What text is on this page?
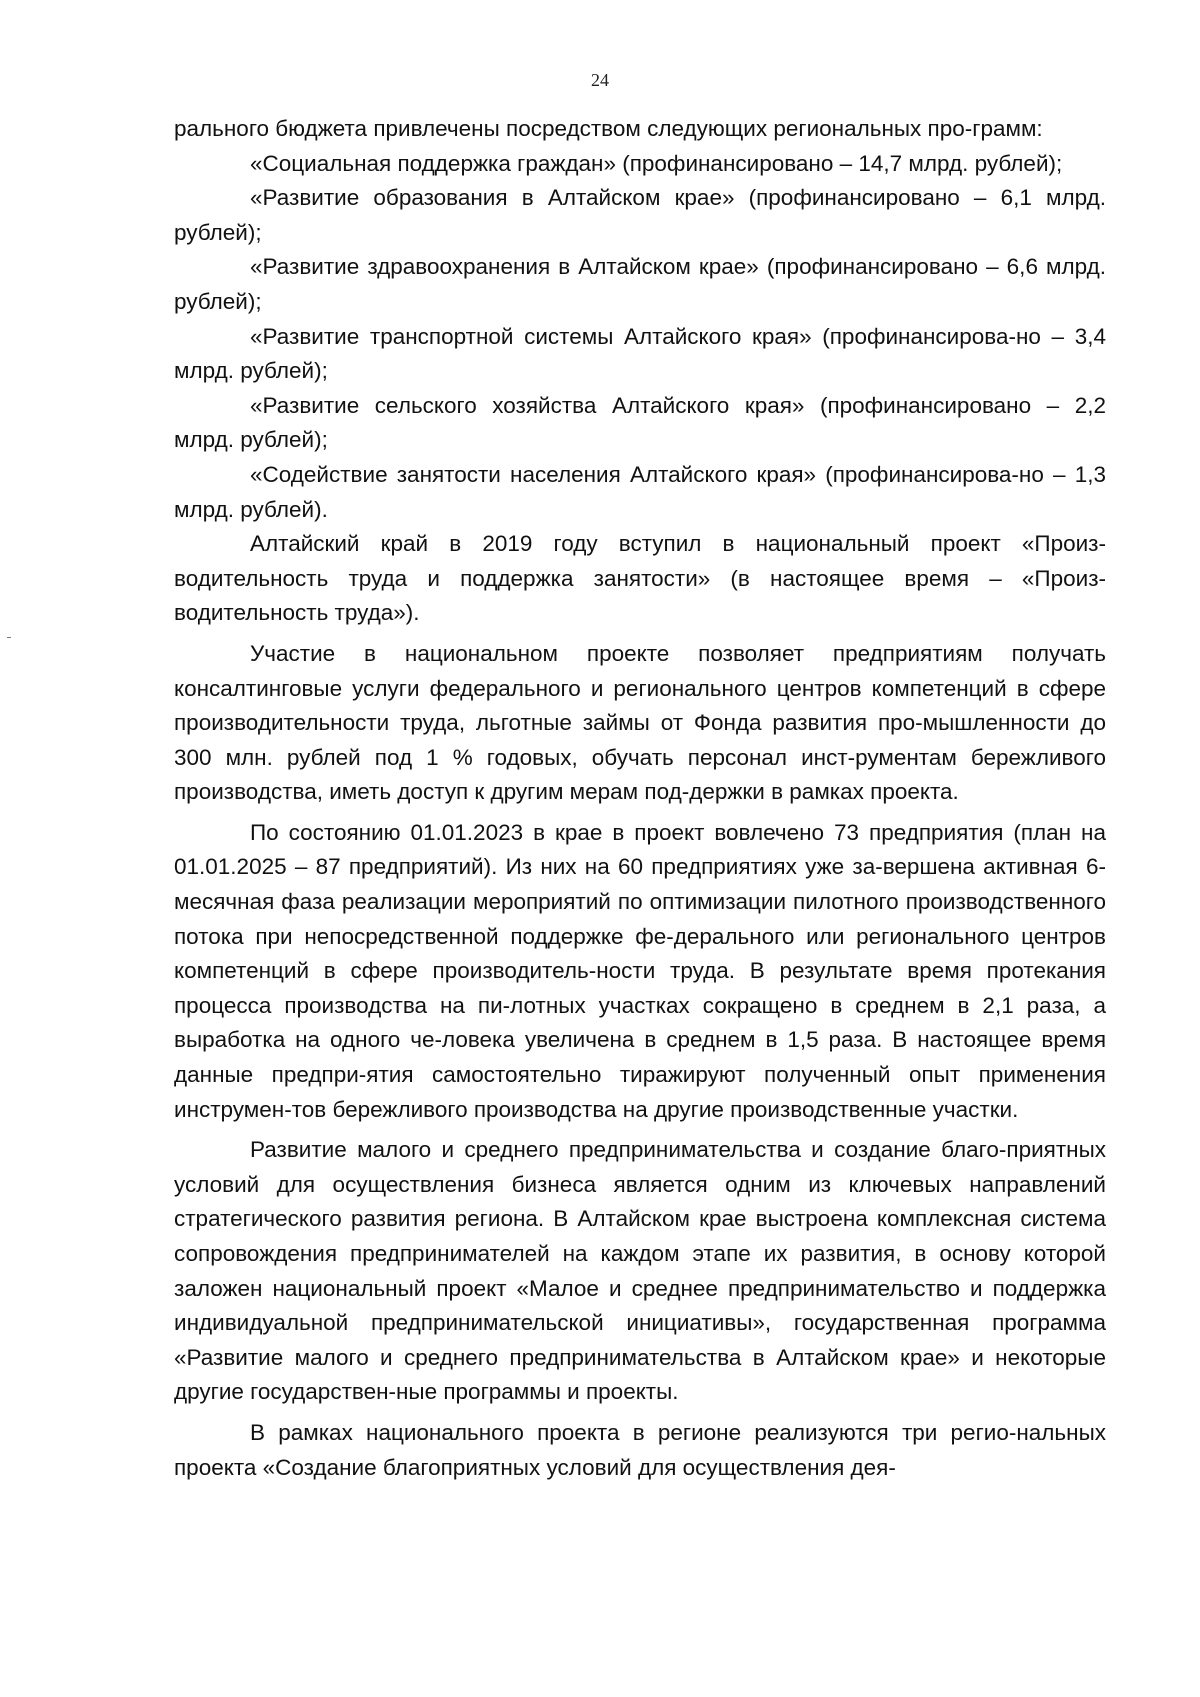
24

рального бюджета привлечены посредством следующих региональных про-грамм:

«Социальная поддержка граждан» (профинансировано – 14,7 млрд. рублей);

«Развитие образования в Алтайском крае» (профинансировано – 6,1 млрд. рублей);

«Развитие здравоохранения в Алтайском крае» (профинансировано – 6,6 млрд. рублей);

«Развитие транспортной системы Алтайского края» (профинансирова-но – 3,4 млрд. рублей);

«Развитие сельского хозяйства Алтайского края» (профинансировано – 2,2 млрд. рублей);

«Содействие занятости населения Алтайского края» (профинансирова-но – 1,3 млрд. рублей).

Алтайский край в 2019 году вступил в национальный проект «Произ-водительность труда и поддержка занятости» (в настоящее время – «Произ-водительность труда»).

Участие в национальном проекте позволяет предприятиям получать консалтинговые услуги федерального и регионального центров компетенций в сфере производительности труда, льготные займы от Фонда развития про-мышленности до 300 млн. рублей под 1 % годовых, обучать персонал инст-рументам бережливого производства, иметь доступ к другим мерам под-держки в рамках проекта.

По состоянию 01.01.2023 в крае в проект вовлечено 73 предприятия (план на 01.01.2025 – 87 предприятий). Из них на 60 предприятиях уже за-вершена активная 6-месячная фаза реализации мероприятий по оптимизации пилотного производственного потока при непосредственной поддержке фе-дерального или регионального центров компетенций в сфере производитель-ности труда. В результате время протекания процесса производства на пи-лотных участках сокращено в среднем в 2,1 раза, а выработка на одного че-ловека увеличена в среднем в 1,5 раза. В настоящее время данные предпри-ятия самостоятельно тиражируют полученный опыт применения инструмен-тов бережливого производства на другие производственные участки.

Развитие малого и среднего предпринимательства и создание благо-приятных условий для осуществления бизнеса является одним из ключевых направлений стратегического развития региона. В Алтайском крае выстроена комплексная система сопровождения предпринимателей на каждом этапе их развития, в основу которой заложен национальный проект «Малое и среднее предпринимательство и поддержка индивидуальной предпринимательской инициативы», государственная программа «Развитие малого и среднего предпринимательства в Алтайском крае» и некоторые другие государствен-ные программы и проекты.

В рамках национального проекта в регионе реализуются три регио-нальных проекта «Создание благоприятных условий для осуществления дея-
